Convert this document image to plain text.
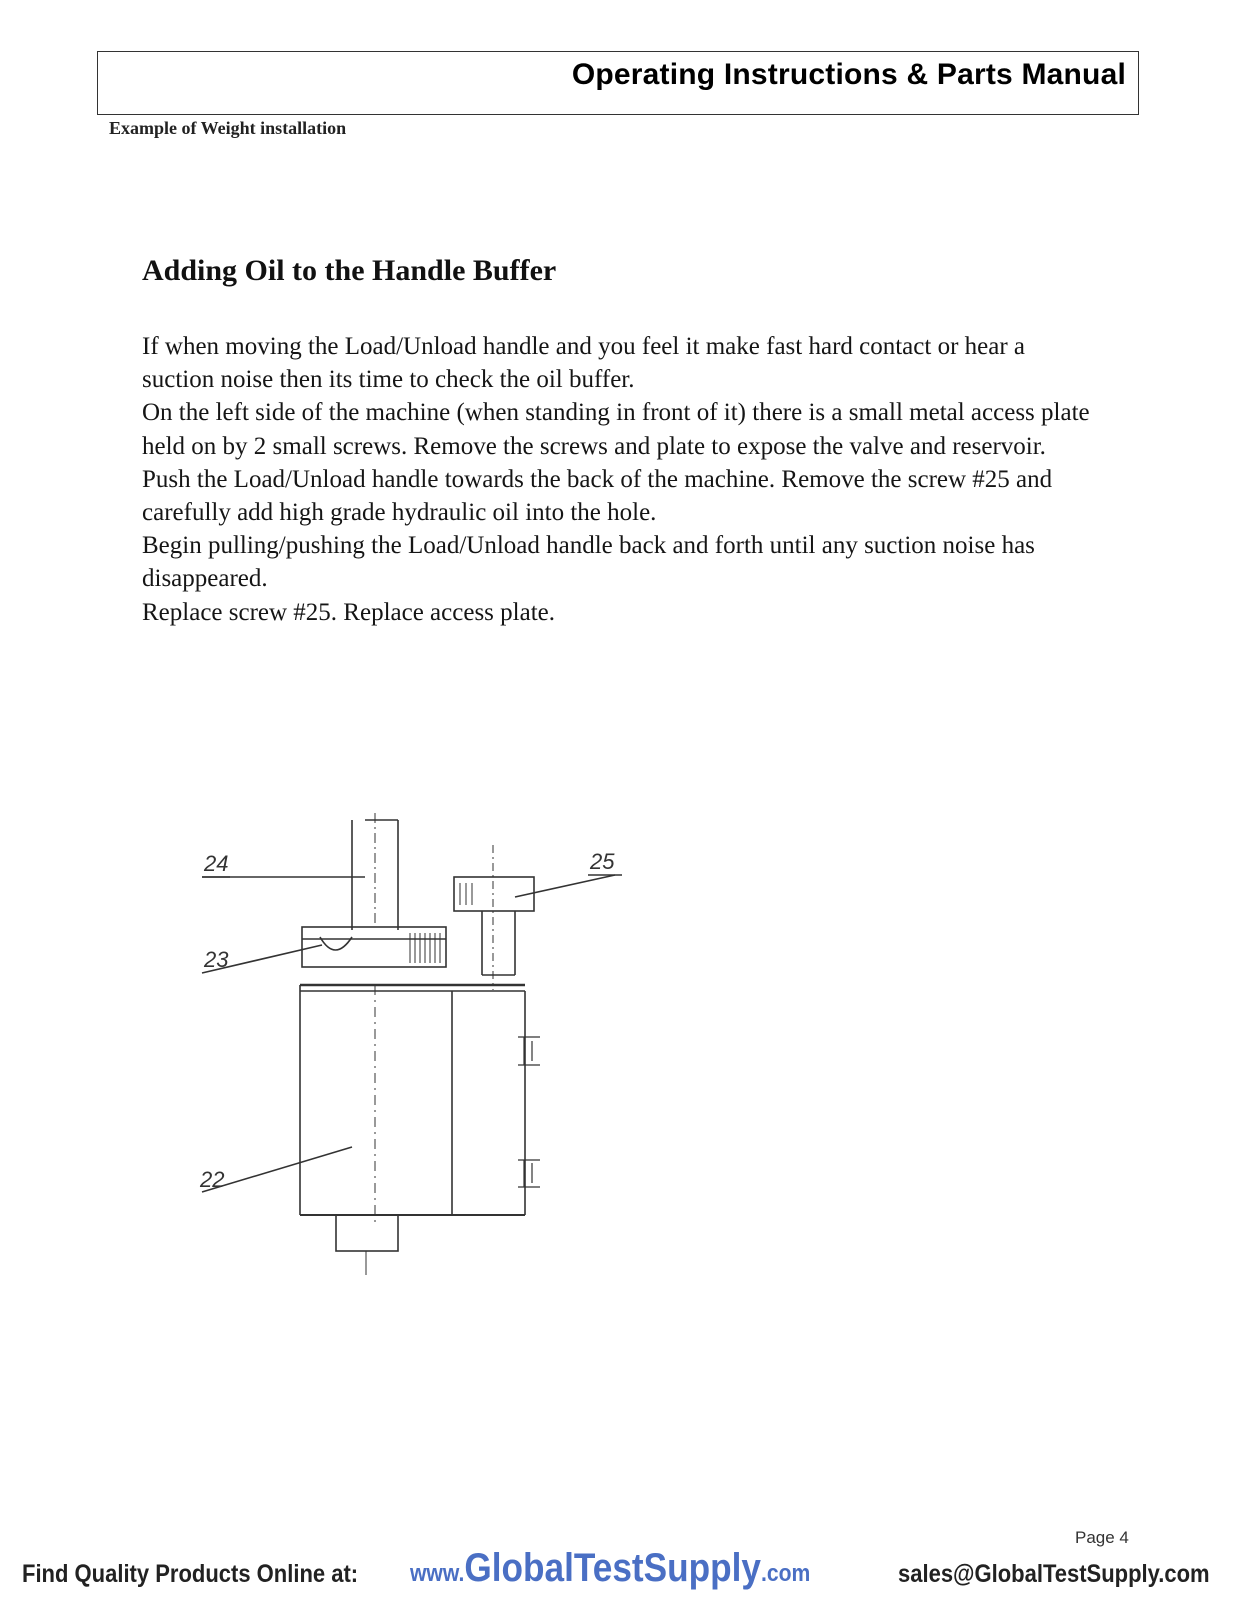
Operating Instructions & Parts Manual
Example of Weight installation
Adding Oil to the Handle Buffer

If when moving the Load/Unload handle and you feel it make fast hard contact or hear a suction noise then its time to check the oil buffer.

On the left side of the machine (when standing in front of it) there is a small metal access plate held on by 2 small screws. Remove the screws and plate to expose the valve and reservoir.

Push the Load/Unload handle towards the back of the machine. Remove the screw #25 and carefully add high grade hydraulic oil into the hole.

Begin pulling/pushing the Load/Unload handle back and forth until any suction noise has disappeared.

Replace screw #25. Replace access plate.

24	25
23
22
Page 4
Find Quality Products Online at: www.GlobalTestSupply.com	sales@GlobalTestSupply.com
